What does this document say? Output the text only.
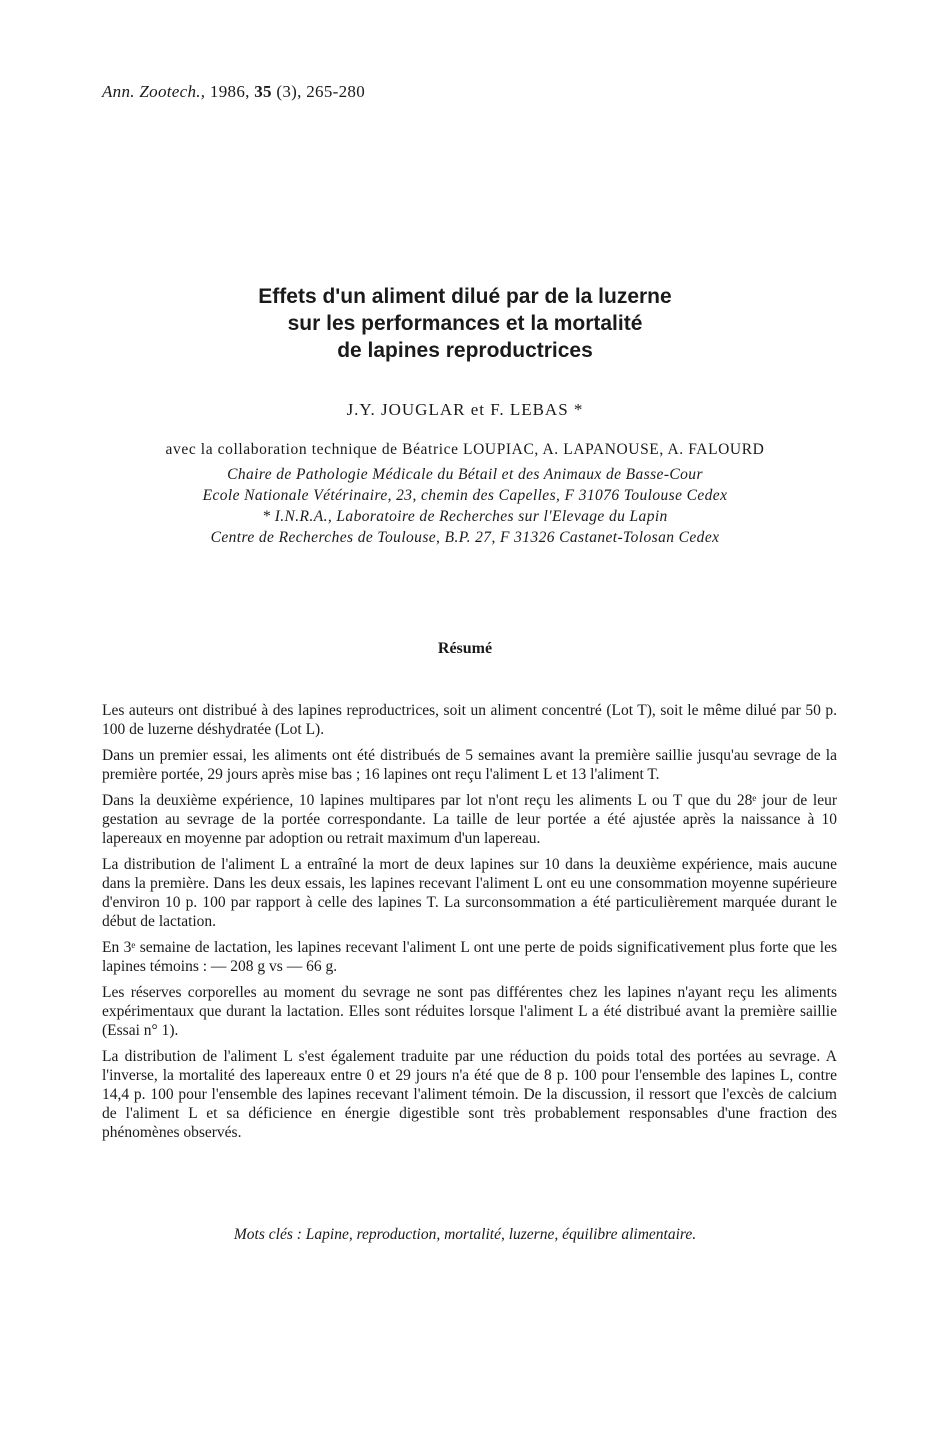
Ann. Zootech., 1986, 35 (3), 265-280
Effets d'un aliment dilué par de la luzerne
sur les performances et la mortalité
de lapines reproductrices
J.Y. JOUGLAR et F. LEBAS *
avec la collaboration technique de Béatrice LOUPIAC, A. LAPANOUSE, A. FALOURD
Chaire de Pathologie Médicale du Bétail et des Animaux de Basse-Cour
Ecole Nationale Vétérinaire, 23, chemin des Capelles, F 31076 Toulouse Cedex
* I.N.R.A., Laboratoire de Recherches sur l'Elevage du Lapin
Centre de Recherches de Toulouse, B.P. 27, F 31326 Castanet-Tolosan Cedex
Résumé

Les auteurs ont distribué à des lapines reproductrices, soit un aliment concentré (Lot T), soit le même dilué par 50 p. 100 de luzerne déshydratée (Lot L).

Dans un premier essai, les aliments ont été distribués de 5 semaines avant la première saillie jusqu'au sevrage de la première portée, 29 jours après mise bas ; 16 lapines ont reçu l'aliment L et 13 l'aliment T.

Dans la deuxième expérience, 10 lapines multipares par lot n'ont reçu les aliments L ou T que du 28ᵉ jour de leur gestation au sevrage de la portée correspondante. La taille de leur portée a été ajustée après la naissance à 10 lapereaux en moyenne par adoption ou retrait maximum d'un lapereau.

La distribution de l'aliment L a entraîné la mort de deux lapines sur 10 dans la deuxième expérience, mais aucune dans la première. Dans les deux essais, les lapines recevant l'aliment L ont eu une consommation moyenne supérieure d'environ 10 p. 100 par rapport à celle des lapines T. La surconsommation a été particulièrement marquée durant le début de lactation.

En 3ᵉ semaine de lactation, les lapines recevant l'aliment L ont une perte de poids significativement plus forte que les lapines témoins : — 208 g vs — 66 g.

Les réserves corporelles au moment du sevrage ne sont pas différentes chez les lapines n'ayant reçu les aliments expérimentaux que durant la lactation. Elles sont réduites lorsque l'aliment L a été distribué avant la première saillie (Essai n° 1).

La distribution de l'aliment L s'est également traduite par une réduction du poids total des portées au sevrage. A l'inverse, la mortalité des lapereaux entre 0 et 29 jours n'a été que de 8 p. 100 pour l'ensemble des lapines L, contre 14,4 p. 100 pour l'ensemble des lapines recevant l'aliment témoin. De la discussion, il ressort que l'excès de calcium de l'aliment L et sa déficience en énergie digestible sont très probablement responsables d'une fraction des phénomènes observés.

Mots clés : Lapine, reproduction, mortalité, luzerne, équilibre alimentaire.
